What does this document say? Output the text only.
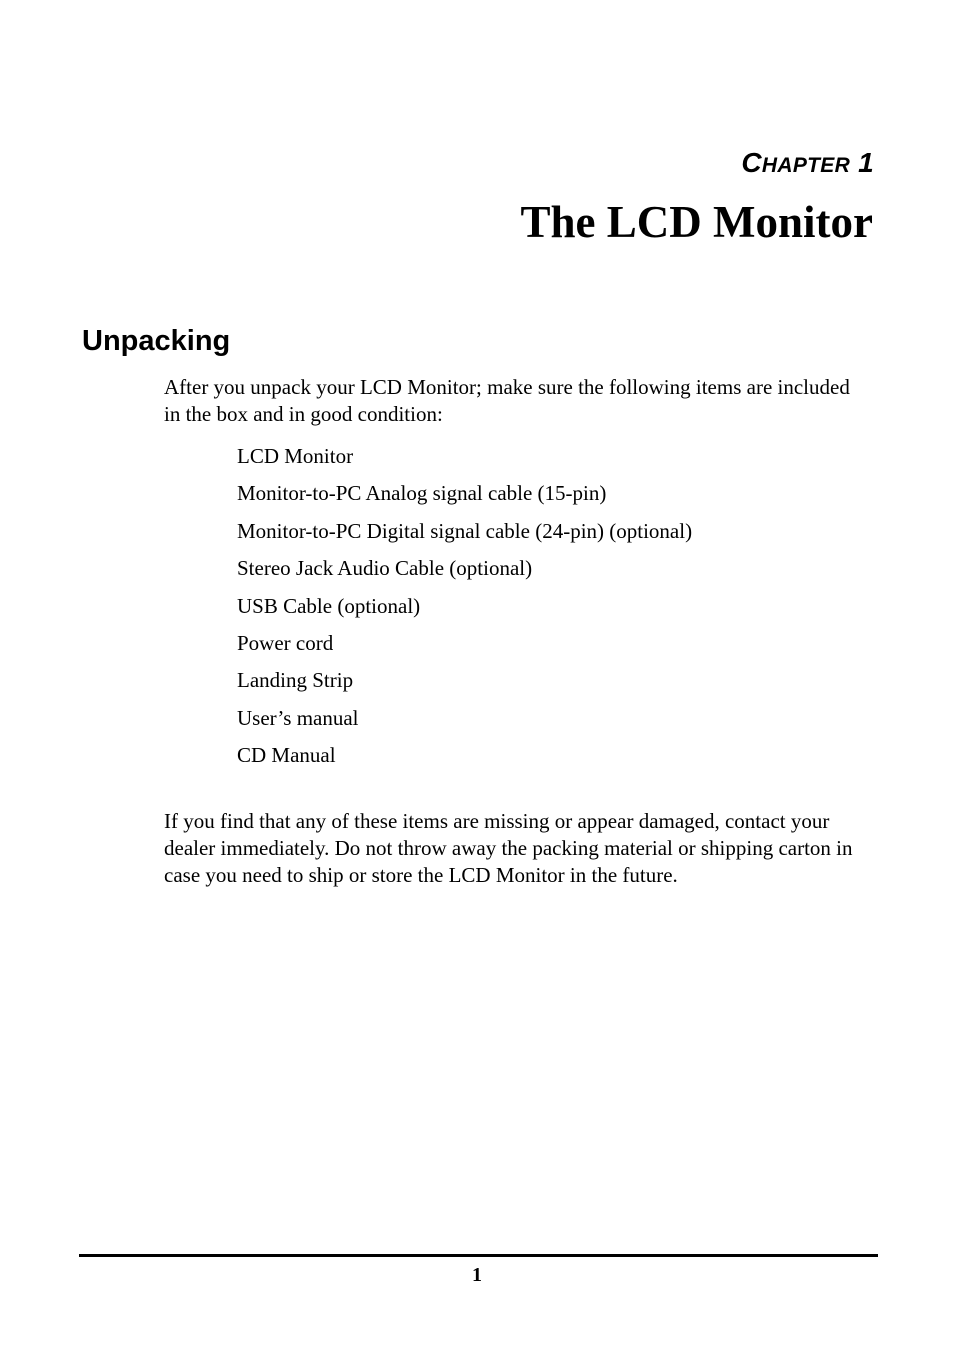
CHAPTER 1
The LCD Monitor
Unpacking

After you unpack your LCD Monitor; make sure the following items are included in the box and in good condition:

LCD Monitor
Monitor-to-PC Analog signal cable (15-pin)
Monitor-to-PC Digital signal cable (24-pin) (optional)
Stereo Jack Audio Cable (optional)
USB Cable (optional)
Power cord
Landing Strip
User’s manual
CD Manual

If you find that any of these items are missing or appear damaged, contact your dealer immediately. Do not throw away the packing material or shipping carton in case you need to ship or store the LCD Monitor in the future.

1
